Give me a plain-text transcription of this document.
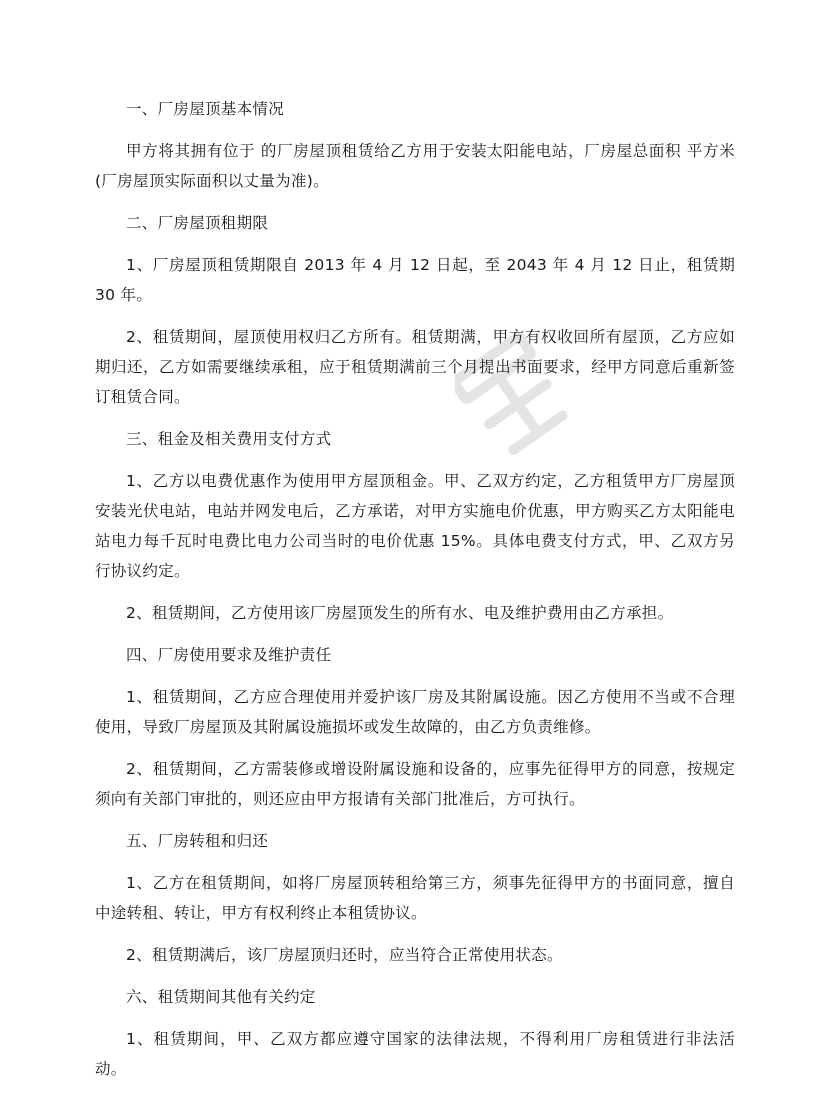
一、厂房屋顶基本情况

甲方将其拥有位于 的厂房屋顶租赁给乙方用于安装太阳能电站，厂房屋总面积 平方米(厂房屋顶实际面积以丈量为准)。

二、厂房屋顶租期限

1、厂房屋顶租赁期限自 2013 年 4 月 12 日起，至 2043 年 4 月 12 日止，租赁期 30 年。

2、租赁期间，屋顶使用权归乙方所有。租赁期满，甲方有权收回所有屋顶，乙方应如期归还，乙方如需要继续承租，应于租赁期满前三个月提出书面要求，经甲方同意后重新签订租赁合同。

三、租金及相关费用支付方式

1、乙方以电费优惠作为使用甲方屋顶租金。甲、乙双方约定，乙方租赁甲方厂房屋顶安装光伏电站，电站并网发电后，乙方承诺，对甲方实施电价优惠，甲方购买乙方太阳能电站电力每千瓦时电费比电力公司当时的电价优惠 15%。具体电费支付方式，甲、乙双方另行协议约定。

2、租赁期间，乙方使用该厂房屋顶发生的所有水、电及维护费用由乙方承担。

四、厂房使用要求及维护责任

1、租赁期间，乙方应合理使用并爱护该厂房及其附属设施。因乙方使用不当或不合理使用，导致厂房屋顶及其附属设施损坏或发生故障的，由乙方负责维修。

2、租赁期间，乙方需装修或增设附属设施和设备的，应事先征得甲方的同意，按规定须向有关部门审批的，则还应由甲方报请有关部门批准后，方可执行。

五、厂房转租和归还

1、乙方在租赁期间，如将厂房屋顶转租给第三方，须事先征得甲方的书面同意，擅自中途转租、转让，甲方有权利终止本租赁协议。

2、租赁期满后，该厂房屋顶归还时，应当符合正常使用状态。

六、租赁期间其他有关约定

1、租赁期间，甲、乙双方都应遵守国家的法律法规，不得利用厂房租赁进行非法活动。
